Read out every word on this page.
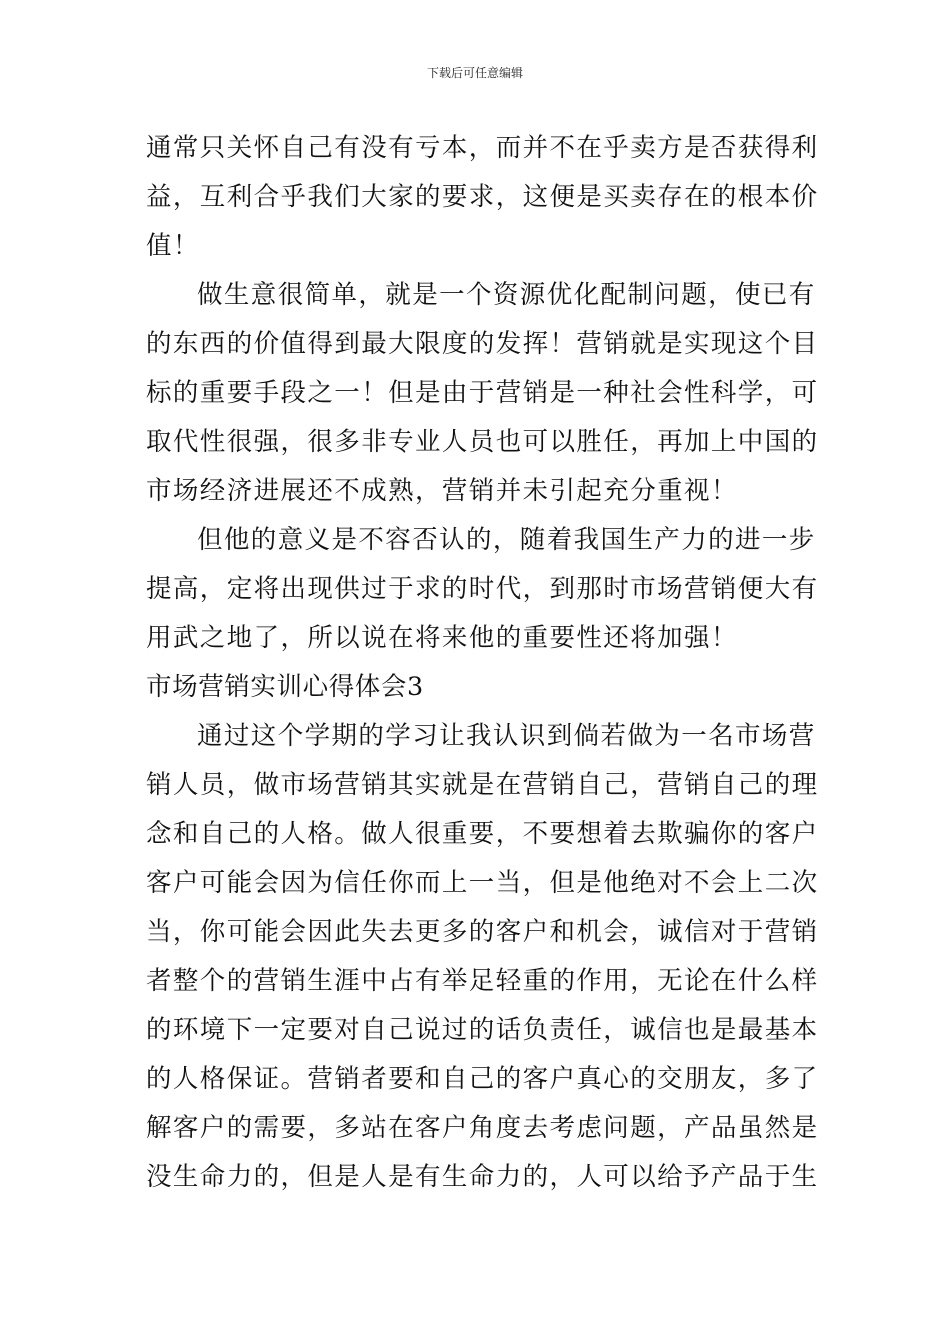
下载后可任意编辑
通常只关怀自己有没有亏本，而并不在乎卖方是否获得利
益，互利合乎我们大家的要求，这便是买卖存在的根本价
值！
做生意很简单，就是一个资源优化配制问题，使已有
的东西的价值得到最大限度的发挥！营销就是实现这个目
标的重要手段之一！但是由于营销是一种社会性科学，可
取代性很强，很多非专业人员也可以胜任，再加上中国的
市场经济进展还不成熟，营销并未引起充分重视！
但他的意义是不容否认的，随着我国生产力的进一步
提高，定将出现供过于求的时代，到那时市场营销便大有
用武之地了，所以说在将来他的重要性还将加强！
市场营销实训心得体会3
通过这个学期的学习让我认识到倘若做为一名市场营
销人员，做市场营销其实就是在营销自己，营销自己的理
念和自己的人格。做人很重要，不要想着去欺骗你的客户
客户可能会因为信任你而上一当，但是他绝对不会上二次
当，你可能会因此失去更多的客户和机会，诚信对于营销
者整个的营销生涯中占有举足轻重的作用，无论在什么样
的环境下一定要对自己说过的话负责任，诚信也是最基本
的人格保证。营销者要和自己的客户真心的交朋友，多了
解客户的需要，多站在客户角度去考虑问题，产品虽然是
没生命力的，但是人是有生命力的，人可以给予产品于生
